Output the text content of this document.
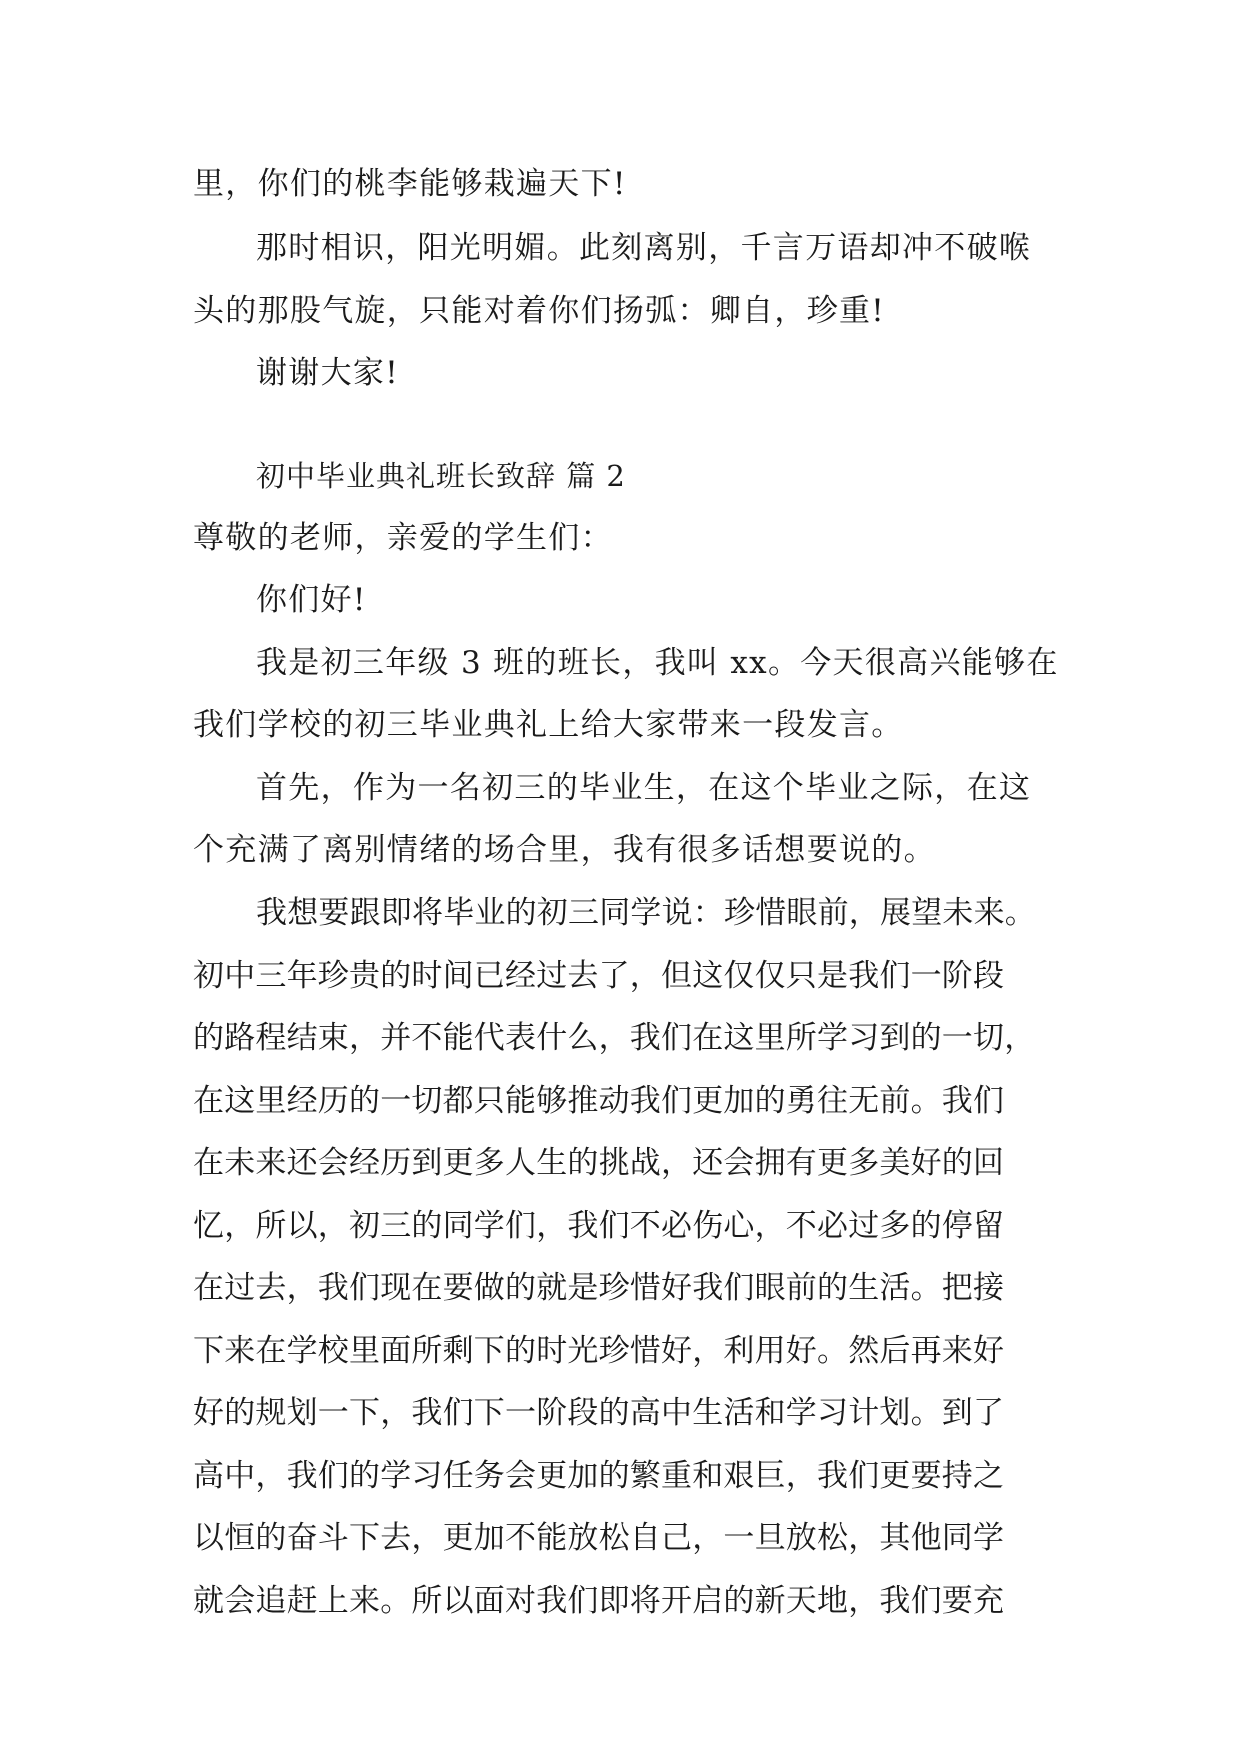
里，你们的桃李能够栽遍天下!
那时相识，阳光明媚。此刻离别，千言万语却冲不破喉
头的那股气旋，只能对着你们扬弧：卿自，珍重!
谢谢大家!
初中毕业典礼班长致辞 篇 2
尊敬的老师，亲爱的学生们：
你们好!
我是初三年级 3 班的班长，我叫 xx。今天很高兴能够在
我们学校的初三毕业典礼上给大家带来一段发言。
首先，作为一名初三的毕业生，在这个毕业之际，在这
个充满了离别情绪的场合里，我有很多话想要说的。
我想要跟即将毕业的初三同学说：珍惜眼前，展望未来。
初中三年珍贵的时间已经过去了，但这仅仅只是我们一阶段
的路程结束，并不能代表什么，我们在这里所学习到的一切，
在这里经历的一切都只能够推动我们更加的勇往无前。我们
在未来还会经历到更多人生的挑战，还会拥有更多美好的回
忆，所以，初三的同学们，我们不必伤心，不必过多的停留
在过去，我们现在要做的就是珍惜好我们眼前的生活。把接
下来在学校里面所剩下的时光珍惜好，利用好。然后再来好
好的规划一下，我们下一阶段的高中生活和学习计划。到了
高中，我们的学习任务会更加的繁重和艰巨，我们更要持之
以恒的奋斗下去，更加不能放松自己，一旦放松，其他同学
就会追赶上来。所以面对我们即将开启的新天地，我们要充
